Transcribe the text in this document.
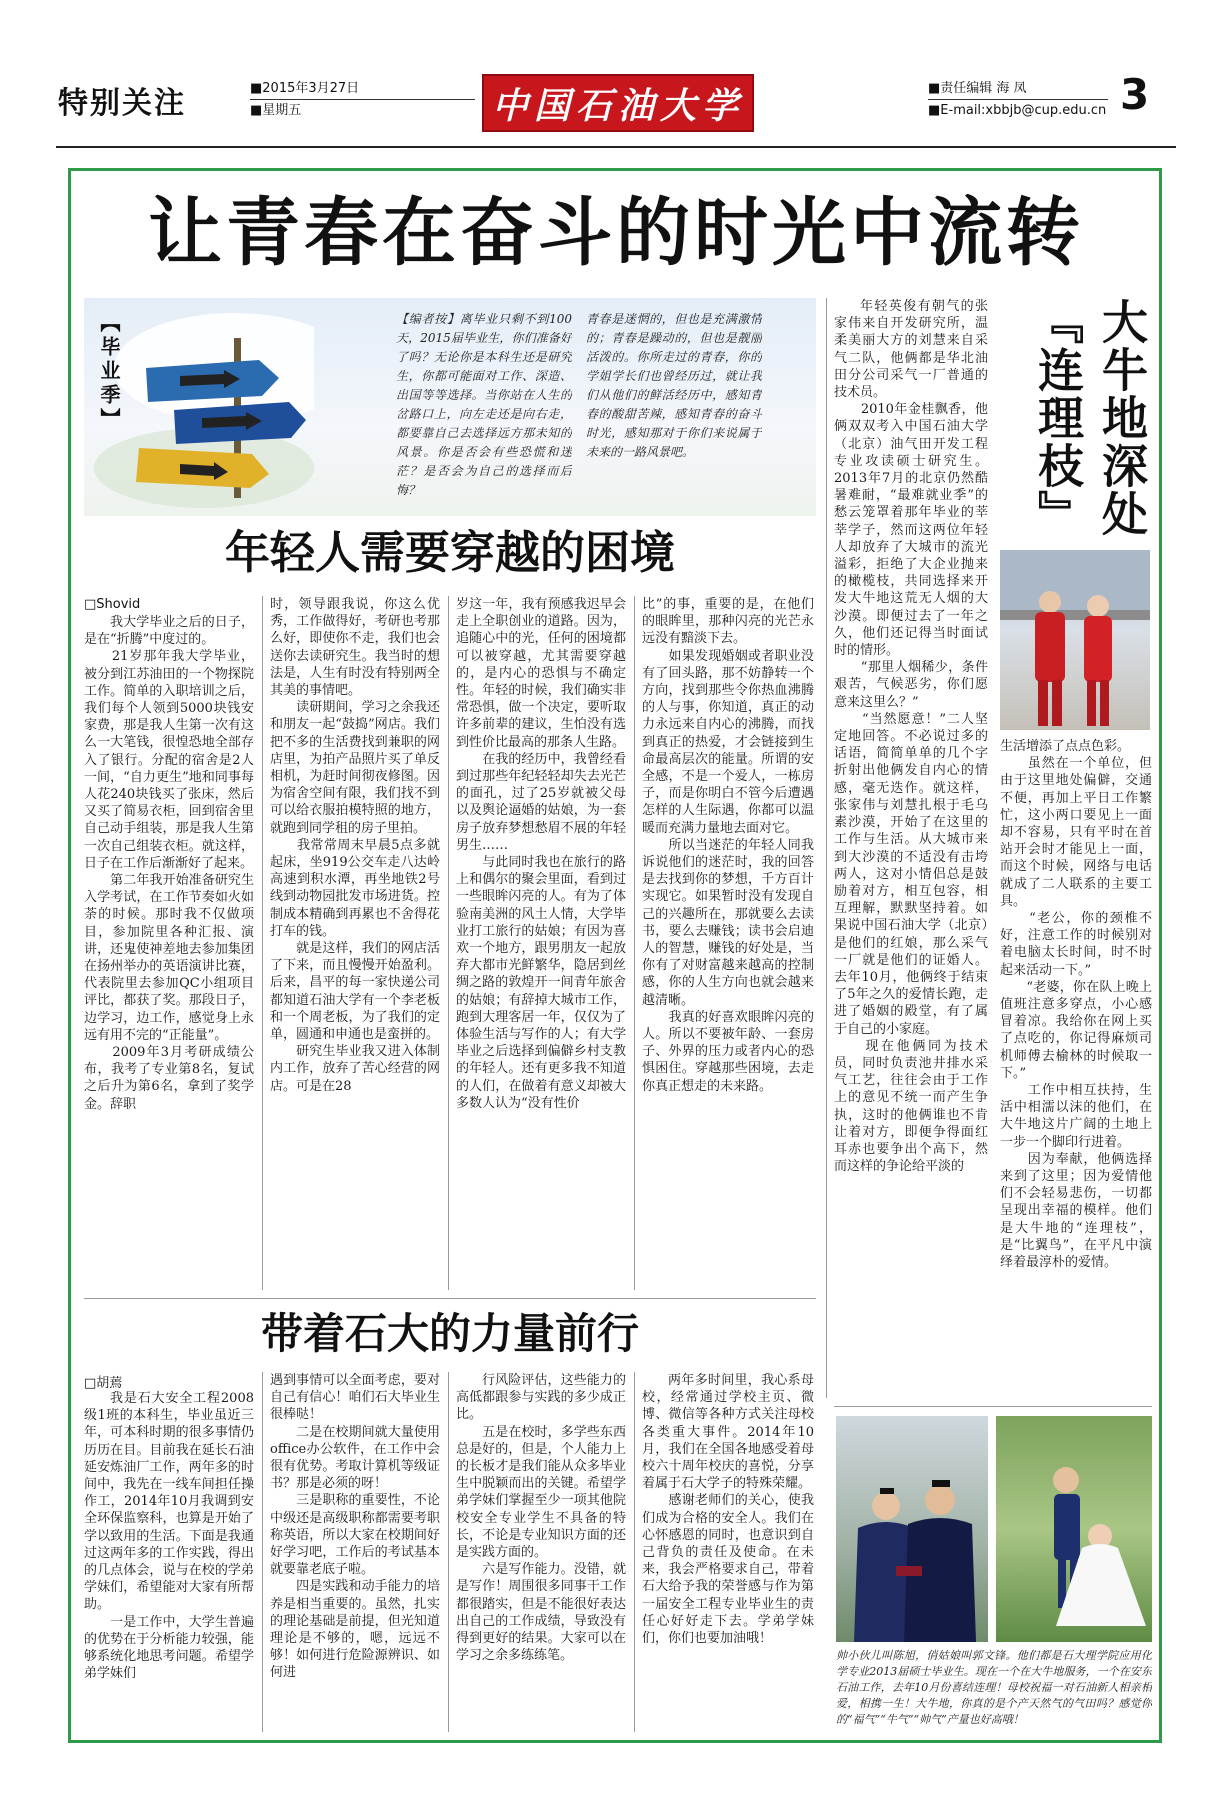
特别关注	■2015年3月27日
■星期五	中国石油大学	■责任编辑 海 凤
■E-mail:xbbjb@cup.edu.cn 3
让青春在奋斗的时光中流转
【毕业季】	【编者按】离毕业只剩不到100天，2015届毕业生，你们准备好了吗？无论你是本科生还是研究生，你都可能面对工作、深造、出国等等选择。当你站在人生的岔路口上，向左走还是向右走，都要靠自己去选择远方那未知的风景。你是否会有些恐慌和迷茫？是否会为自己的选择而后悔？
青春是迷惘的，但也是充满激情的；青春是躁动的，但也是靓丽活泼的。你所走过的青春，你的学姐学长们也曾经历过，就让我们从他们的鲜活经历中，感知青春的酸甜苦辣，感知青春的奋斗时光，感知那对于你们来说属于未来的一路风景吧。
年轻人需要穿越的困境
□Shovid
我大学毕业之后的日子，是在“折腾”中度过的。
　　21岁那年我大学毕业，被分到江苏油田的一个物探院工作。简单的入职培训之后，我们每个人领到5000块钱安家费，那是我人生第一次有这么一大笔钱，很惶恐地全部存入了银行。分配的宿舍是2人一间，“自力更生”地和同事每人花240块钱买了张床，然后又买了简易衣柜，回到宿舍里自己动手组装，那是我人生第一次自己组装衣柜。就这样，日子在工作后渐渐好了起来。
　　第二年我开始准备研究生入学考试，在工作节奏如火如荼的时候。那时我不仅做项目，参加院里各种汇报、演讲，还鬼使神差地去参加集团在扬州举办的英语演讲比赛，代表院里去参加QC小组项目评比，都获了奖。那段日子，边学习，边工作，感觉身上永远有用不完的“正能量”。
　　2009年3月考研成绩公布，我考了专业第8名，复试之后升为第6名，拿到了奖学金。辞职
时，领导跟我说，你这么优秀，工作做得好，考研也考那么好，即使你不走，我们也会送你去读研究生。我当时的想法是，人生有时没有特别两全其美的事情吧。
　　读研期间，学习之余我还和朋友一起“鼓捣”网店。我们把不多的生活费找到兼职的网店里，为拍产品照片买了单反相机，为赶时间彻夜修图。因为宿舍空间有限，我们找不到可以给衣服拍模特照的地方，就跑到同学租的房子里拍。
　　我常常周末早晨5点多就起床，坐919公交车走八达岭高速到积水潭，再坐地铁2号线到动物园批发市场进货。控制成本精确到再累也不舍得花打车的钱。
　　就是这样，我们的网店活了下来，而且慢慢开始盈利。后来，昌平的每一家快递公司都知道石油大学有一个李老板和一个周老板，为了我们的定单，圆通和申通也是蛮拼的。
　　研究生毕业我又进入体制内工作，放弃了苦心经营的网店。可是在28
岁这一年，我有预感我迟早会走上全职创业的道路。因为，追随心中的光，任何的困境都可以被穿越，尤其需要穿越的，是内心的恐惧与不确定性。年轻的时候，我们确实非常恐惧，做一个决定，要听取许多前辈的建议，生怕没有选到性价比最高的那条人生路。
　　在我的经历中，我曾经看到过那些年纪轻轻却失去光芒的面孔，过了25岁就被父母以及舆论逼婚的姑娘，为一套房子放弃梦想愁眉不展的年轻男生……
　　与此同时我也在旅行的路上和偶尔的聚会里面，看到过一些眼眸闪亮的人。有为了体验南美洲的风土人情，大学毕业打工旅行的姑娘；有因为喜欢一个地方，跟男朋友一起放弃大都市光鲜繁华，隐居到丝绸之路的敦煌开一间青年旅舍的姑娘；有辞掉大城市工作，跑到大理客居一年，仅仅为了体验生活与写作的人；有大学毕业之后选择到偏僻乡村支教的年轻人。还有更多我不知道的人们，在做着有意义却被大多数人认为“没有性价
比”的事，重要的是，在他们的眼眸里，那种闪亮的光芒永远没有黯淡下去。
　　如果发现婚姻或者职业没有了回头路，那不妨静转一个方向，找到那些令你热血沸腾的人与事，你知道，真正的动力永远来自内心的沸腾，而找到真正的热爱，才会链接到生命最高层次的能量。所谓的安全感，不是一个爱人，一栋房子，而是你明白不管今后遭遇怎样的人生际遇，你都可以温暖而充满力量地去面对它。
　　所以当迷茫的年轻人同我诉说他们的迷茫时，我的回答是去找到你的梦想，千方百计实现它。如果暂时没有发现自己的兴趣所在，那就要么去读书，要么去赚钱；读书会启迪人的智慧，赚钱的好处是，当你有了对财富越来越高的控制感，你的人生方向也就会越来越清晰。
　　我真的好喜欢眼眸闪亮的人。所以不要被年龄、一套房子、外界的压力或者内心的恐惧困住。穿越那些困境，去走你真正想走的未来路。
带着石大的力量前行
□胡蔫
我是石大安全工程2008级1班的本科生，毕业虽近三年，可本科时期的很多事情仍历历在目。目前我在延长石油延安炼油厂工作，两年多的时间中，我先在一线车间担任操作工，2014年10月我调到安全环保监察科，也算是开始了学以致用的生活。下面是我通过这两年多的工作实践，得出的几点体会，说与在校的学弟学妹们，希望能对大家有所帮助。
　　一是工作中，大学生普遍的优势在于分析能力较强，能够系统化地思考问题。希望学弟学妹们
遇到事情可以全面考虑，要对自己有信心！咱们石大毕业生很棒哒！
　　二是在校期间就大量使用office办公软件，在工作中会很有优势。考取计算机等级证书？那是必须的呀！
　　三是职称的重要性，不论中级还是高级职称都需要考职称英语，所以大家在校期间好好学习吧，工作后的考试基本就要靠老底子啦。
　　四是实践和动手能力的培养是相当重要的。虽然，扎实的理论基础是前提，但光知道理论是不够的，嗯，远远不够！如何进行危险源辨识、如何进
行风险评估，这些能力的高低都跟参与实践的多少成正比。
　　五是在校时，多学些东西总是好的，但是，个人能力上的长板才是我们能从众多毕业生中脱颖而出的关键。希望学弟学妹们掌握至少一项其他院校安全专业学生不具备的特长，不论是专业知识方面的还是实践方面的。
　　六是写作能力。没错，就是写作！周围很多同事干工作都很踏实，但是不能很好表达出自己的工作成绩，导致没有得到更好的结果。大家可以在学习之余多练练笔。
两年多时间里，我心系母校，经常通过学校主页、微博、微信等各种方式关注母校各类重大事件。2014年10月，我们在全国各地感受着母校六十周年校庆的喜悦，分享着属于石大学子的特殊荣耀。
　　感谢老师们的关心，使我们成为合格的安全人。我们在心怀感恩的同时，也意识到自己背负的责任及使命。在未来，我会严格要求自己，带着石大给予我的荣誉感与作为第一届安全工程专业毕业生的责任心好好走下去。学弟学妹们，你们也要加油哦！
年轻英俊有朝气的张家伟来自开发研究所，温柔美丽大方的刘慧来自采气二队，他俩都是华北油田分公司采气一厂普通的技术员。
　　2010年金桂飘香，他俩双双考入中国石油大学（北京）油气田开发工程专业攻读硕士研究生。2013年7月的北京仍然酷暑难耐，“最难就业季”的愁云笼罩着那年毕业的莘莘学子，然而这两位年轻人却放弃了大城市的流光溢彩，拒绝了大企业抛来的橄榄枝，共同选择来开发大牛地这荒无人烟的大沙漠。即便过去了一年之久，他们还记得当时面试时的情形。
　　“那里人烟稀少，条件艰苦，气候恶劣，你们愿意来这里么？”
　　“当然愿意！”二人坚定地回答。不必说过多的话语，简简单单的几个字折射出他俩发自内心的情感，毫无迭作。就这样，张家伟与刘慧扎根于毛乌素沙漠，开始了在这里的工作与生活。从大城市来到大沙漠的不适没有击垮两人，这对小情侣总是鼓励着对方，相互包容，相互理解，默默坚持着。如果说中国石油大学（北京）是他们的红娘，那么采气一厂就是他们的证婚人。去年10月，他俩终于结束了5年之久的爱情长跑，走进了婚姻的殿堂，有了属于自己的小家庭。
　　现在他俩同为技术员，同时负责池井排水采气工艺，往往会由于工作上的意见不统一而产生争执，这时的他俩谁也不肯让着对方，即便争得面红耳赤也要争出个高下，然而这样的争论给平淡的
大牛地深处『连理枝』
生活增添了点点色彩。
　　虽然在一个单位，但由于这里地处偏僻，交通不便，再加上平日工作繁忙，这小两口要见上一面却不容易，只有平时在首站开会时才能见上一面，而这个时候，网络与电话就成了二人联系的主要工具。
　　“老公，你的颈椎不好，注意工作的时候别对着电脑太长时间，时不时起来活动一下。”
　　“老婆，你在队上晚上值班注意多穿点，小心感冒着凉。我给你在网上买了点吃的，你记得麻烦司机师傅去榆林的时候取一下。”
　　工作中相互扶持，生活中相濡以沫的他们，在大牛地这片广阔的土地上一步一个脚印行进着。
　　因为奉献，他俩选择来到了这里；因为爱情他们不会轻易悲伤，一切都呈现出幸福的模样。他们是大牛地的“连理枝”，是“比翼鸟”，在平凡中演绎着最淳朴的爱情。
帅小伙儿叫陈旭，俏姑娘叫郭文锋。他们都是石大理学院应用化学专业2013届硕士毕业生。现在一个在大牛地服务，一个在安东石油工作，去年10月份喜结连理！母校祝福一对石油新人相亲相爱，相携一生！大牛地，你真的是个产天然气的气田吗？感觉你的“福气”“牛气”“帅气”产量也好高哦！
